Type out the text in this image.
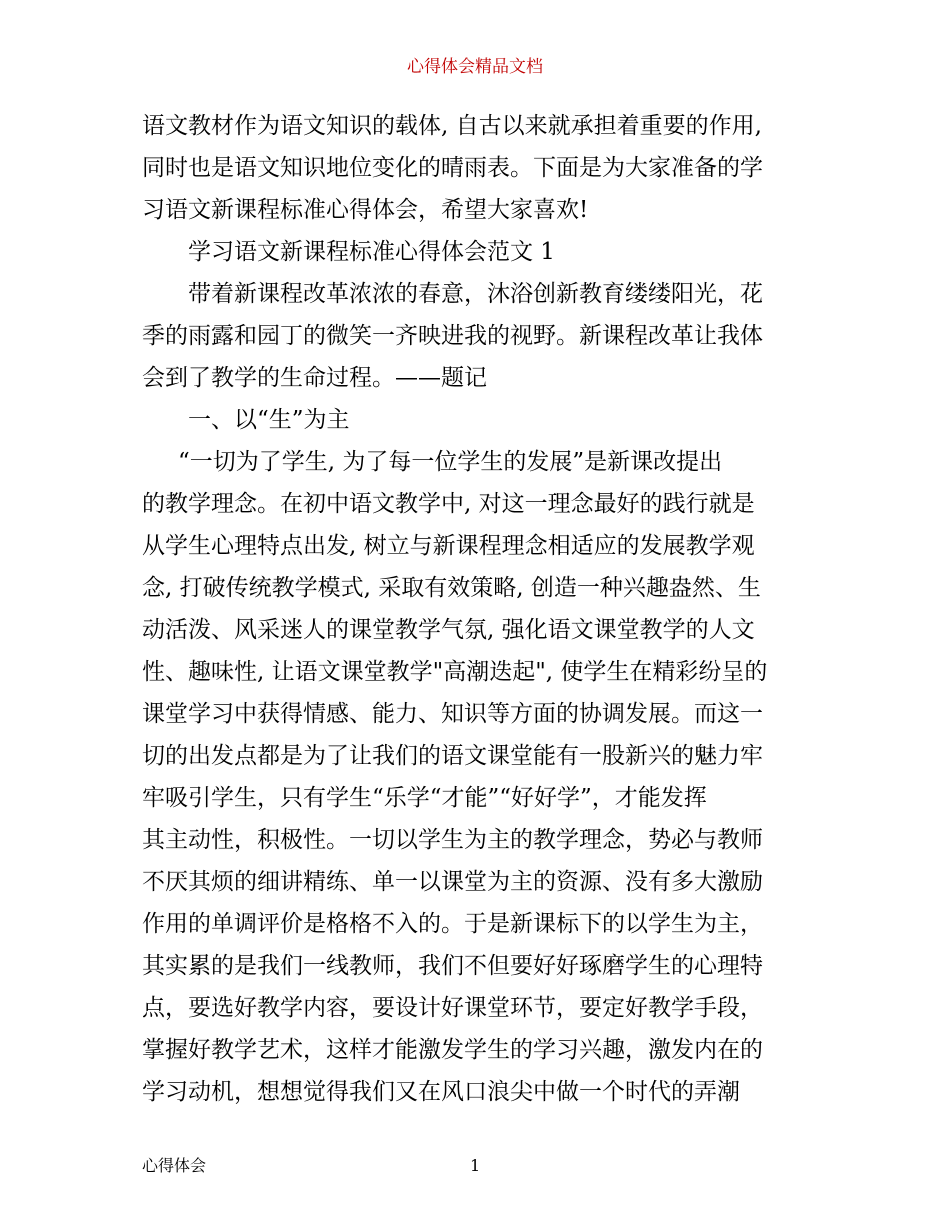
心得体会精品文档
语文教材作为语文知识的载体, 自古以来就承担着重要的作用,
同时也是语文知识地位变化的晴雨表。下面是为大家准备的学
习语文新课程标准心得体会，希望大家喜欢!
学习语文新课程标准心得体会范文 1
带着新课程改革浓浓的春意，沐浴创新教育缕缕阳光，花
季的雨露和园丁的微笑一齐映进我的视野。新课程改革让我体
会到了教学的生命过程。——题记
一、以“生”为主
“一切为了学生, 为了每一位学生的发展”是新课改提出
的教学理念。在初中语文教学中, 对这一理念最好的践行就是
从学生心理特点出发, 树立与新课程理念相适应的发展教学观
念, 打破传统教学模式, 采取有效策略, 创造一种兴趣盎然、生
动活泼、风采迷人的课堂教学气氛, 强化语文课堂教学的人文
性、趣味性, 让语文课堂教学"高潮迭起", 使学生在精彩纷呈的
课堂学习中获得情感、能力、知识等方面的协调发展。而这一
切的出发点都是为了让我们的语文课堂能有一股新兴的魅力牢
牢吸引学生，只有学生“乐学“才能”“好好学”，才能发挥
其主动性，积极性。一切以学生为主的教学理念，势必与教师
不厌其烦的细讲精练、单一以课堂为主的资源、没有多大激励
作用的单调评价是格格不入的。于是新课标下的以学生为主，
其实累的是我们一线教师，我们不但要好好琢磨学生的心理特
点，要选好教学内容，要设计好课堂环节，要定好教学手段，
掌握好教学艺术，这样才能激发学生的学习兴趣，激发内在的
学习动机，想想觉得我们又在风口浪尖中做一个时代的弄潮
心得体会	1
